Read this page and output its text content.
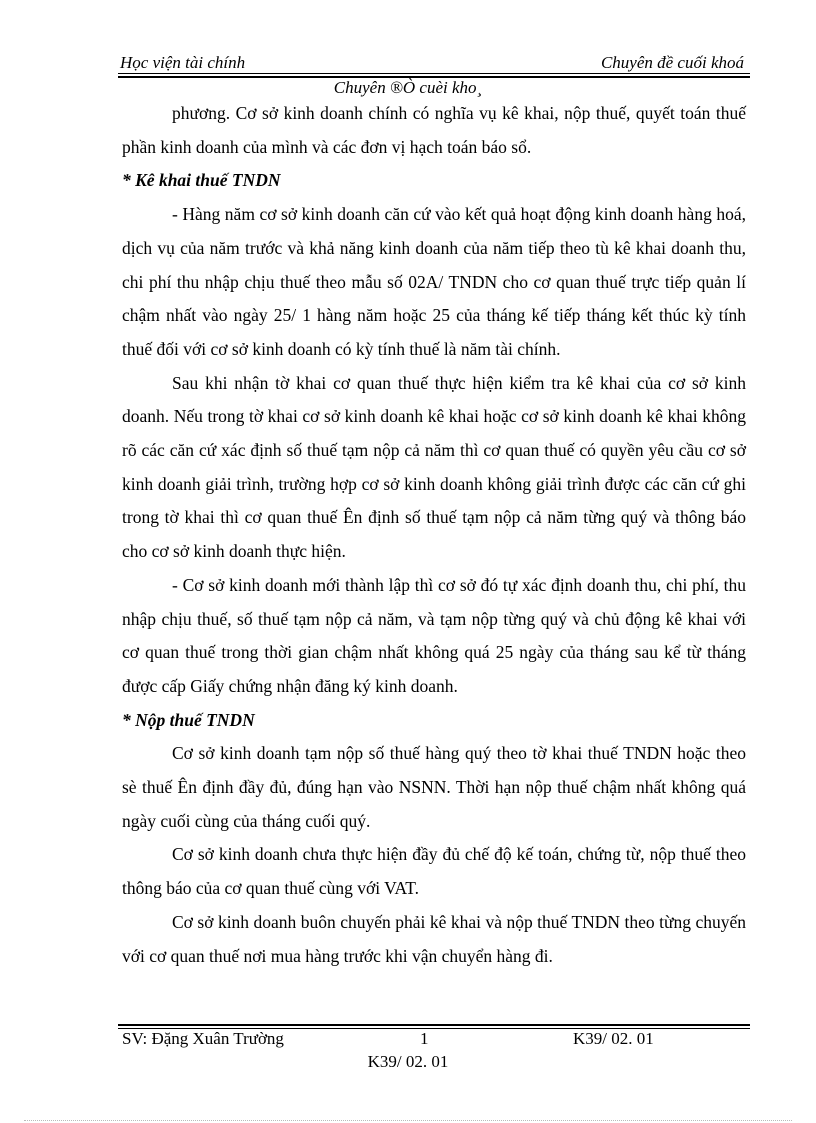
Học viện tài chính	Chuyên đề cuối khoá
Chuyên ®Ò cuèi kho¸

phương. Cơ sở kinh doanh chính có nghĩa vụ kê khai, nộp thuế, quyết toán thuế phần kinh doanh của mình và các đơn vị hạch toán báo sổ.

* Kê khai thuế TNDN

- Hàng năm cơ sở kinh doanh căn cứ vào kết quả hoạt động kinh doanh hàng hoá, dịch vụ của năm trước và khả năng kinh doanh của năm tiếp theo tù kê khai doanh thu, chi phí thu nhập chịu thuế theo mẫu số 02A/ TNDN cho cơ quan thuế trực tiếp quản lí chậm nhất vào ngày 25/ 1 hàng năm hoặc 25 của tháng kế tiếp tháng kết thúc kỳ tính thuế đối với cơ sở kinh doanh có kỳ tính thuế là năm tài chính.

Sau khi nhận tờ khai cơ quan thuế thực hiện kiểm tra kê khai của cơ sở kinh doanh. Nếu trong tờ khai cơ sở kinh doanh kê khai hoặc cơ sở kinh doanh kê khai không rõ các căn cứ xác định số thuế tạm nộp cả năm thì cơ quan thuế có quyền yêu cầu cơ sở kinh doanh giải trình, trường hợp cơ sở kinh doanh không giải trình được các căn cứ ghi trong tờ khai thì cơ quan thuế Ên định số thuế tạm nộp cả năm từng quý và thông báo cho cơ sở kinh doanh thực hiện.

- Cơ sở kinh doanh mới thành lập thì cơ sở đó tự xác định doanh thu, chi phí, thu nhập chịu thuế, số thuế tạm nộp cả năm, và tạm nộp từng quý và chủ động kê khai với cơ quan thuế trong thời gian chậm nhất không quá 25 ngày của tháng sau kể từ tháng được cấp Giấy chứng nhận đăng ký kinh doanh.

* Nộp thuế TNDN

Cơ sở kinh doanh tạm nộp số thuế hàng quý theo tờ khai thuế TNDN hoặc theo sè thuế Ên định đầy đủ, đúng hạn vào NSNN. Thời hạn nộp thuế chậm nhất không quá ngày cuối cùng của tháng cuối quý.

Cơ sở kinh doanh chưa thực hiện đầy đủ chế độ kế toán, chứng từ, nộp thuế theo thông báo của cơ quan thuế cùng với VAT.

Cơ sở kinh doanh buôn chuyến phải kê khai và nộp thuế TNDN theo từng chuyến với cơ quan thuế nơi mua hàng trước khi vận chuyển hàng đi.

SV: Đặng Xuân Trường	1	K39/ 02. 01
K39/ 02. 01
